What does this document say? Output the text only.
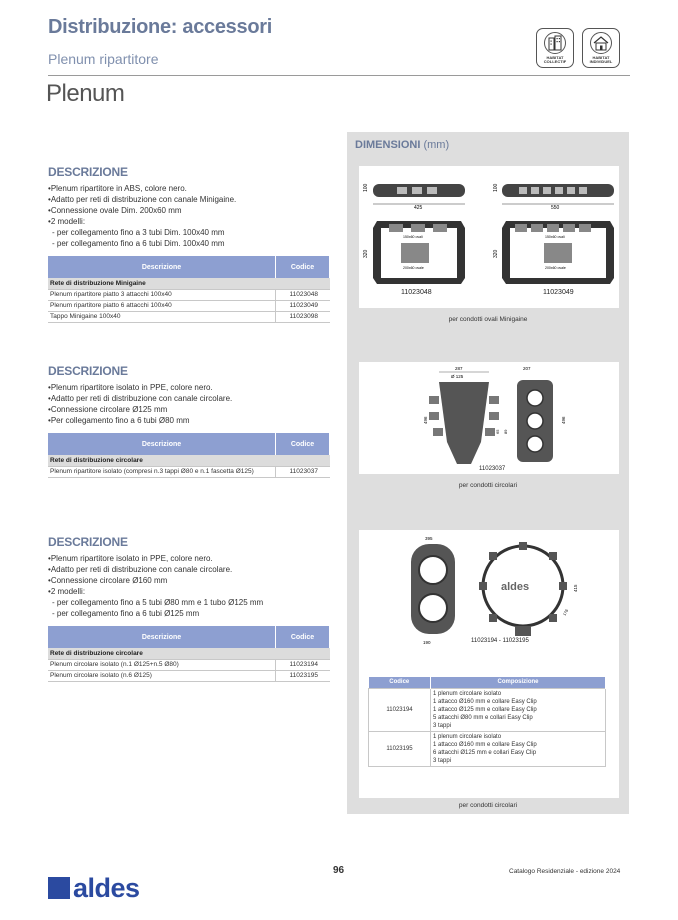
Distribuzione: accessori
Plenum ripartitore
Plenum
HABITAT COLLECTIF
HABITAT INDIVIDUEL
DESCRIZIONE
• Plenum ripartitore in ABS, colore nero.
• Adatto per reti di distribuzione con canale Minigaine.
• Connessione ovale Dim. 200x60 mm
• 2 modelli:
- per collegamento fino a 3 tubi Dim. 100x40 mm
- per collegamento fino a 6 tubi Dim. 100x40 mm
Descrizione	Codice
Rete di distribuzione Minigaine	
Plenum ripartitore piatto 3 attacchi 100x40	11023048
Plenum ripartitore piatto 6 attacchi 100x40	11023049
Tappo Minigaine 100x40	11023098
DESCRIZIONE
• Plenum ripartitore isolato in PPE, colore nero.
• Adatto per reti di distribuzione con canale circolare.
• Connessione circolare Ø125 mm
• Per collegamento fino a 6 tubi Ø80 mm
Descrizione	Codice
Rete di distribuzione circolare	
Plenum ripartitore isolato (compresi n.3 tappi Ø80 e n.1 fascetta Ø125)	11023037
DESCRIZIONE
• Plenum ripartitore isolato in PPE, colore nero.
• Adatto per reti di distribuzione con canale circolare.
• Connessione circolare Ø160 mm
• 2 modelli:
- per collegamento fino a 5 tubi Ø80 mm e 1 tubo Ø125 mm
- per collegamento fino a 6 tubi Ø125 mm
Descrizione	Codice
Rete di distribuzione circolare	
Plenum circolare isolato (n.1 Ø125+n.5 Ø80)	11023194
Plenum circolare isolato (n.6 Ø125)	11023195
DIMENSIONI (mm)
100
425
320
150x60 ovali
200x60 ovale
11023048
100
550
320
150x60 ovali
200x60 ovale
11023049
per condotti ovali Minigaine
287
Ø 125
496
65 89
207
496
11023037
per condotti circolari
395
190
aldes	415
176
11023194 - 11023195
per condotti circolari
Codice	Composizione
11023194	1 plenum circolare isolato
1 attacco Ø160 mm e collare Easy Clip
1 attacco Ø125 mm e collare Easy Clip
5 attacchi Ø80 mm e collari Easy Clip
3 tappi

11023195	1 plenum circolare isolato
1 attacco Ø160 mm e collare Easy Clip
6 attacchi Ø125 mm e collari Easy Clip
3 tappi
aldes
96	Catalogo Residenziale - edizione 2024
